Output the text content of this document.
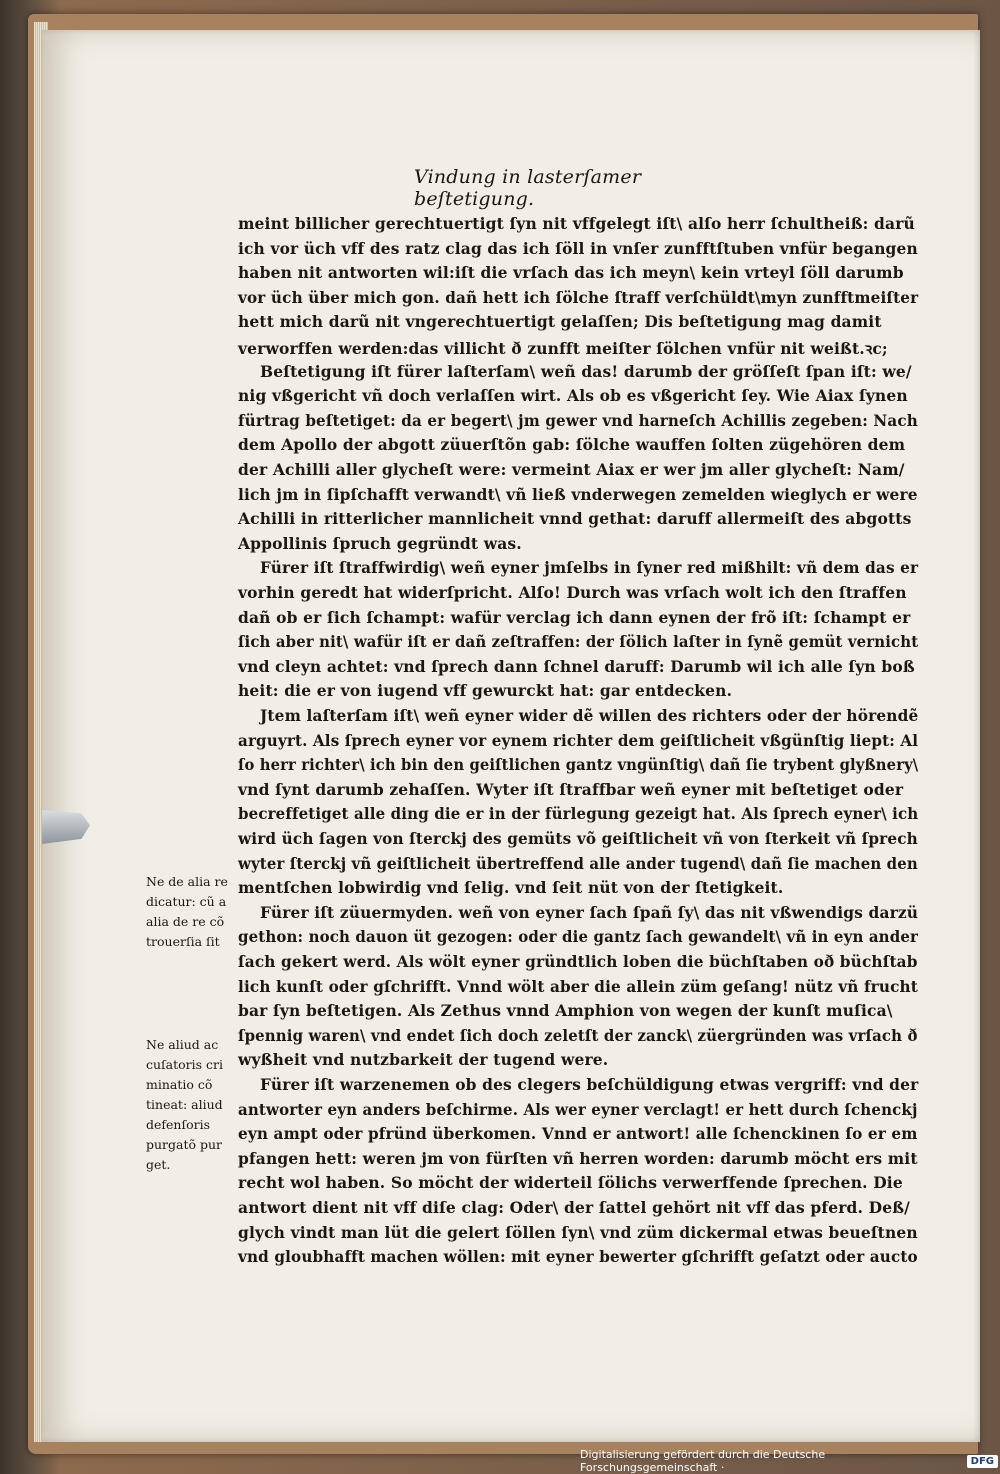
Vindung in lasterſamer beſtetigung.
meint billicher gerechtuertigt ſyn nit vffgelegt iſt\ alſo herr ſchultheiß: darũ
ich vor üch vff des ratz clag das ich ſöll in vnſer zunfftſtuben vnfür begangen
haben nit antworten wil:iſt die vrſach das ich meyn\ kein vrteyl ſöll darumb
vor üch über mich gon. dañ hett ich ſölche ſtraff verſchüldt\myn zunfftmeiſter
hett mich darũ nit vngerechtuertigt gelaſſen; Dis beſtetigung mag damit
verworffen werden:das villicht ð zunfft meiſter ſölchen vnfür nit weißt.ꝛc;
Beſtetigung iſt fürer laſterſam\ weñ das! darumb der gröſſeſt ſpan iſt: we/
nig vßgericht vñ doch verlaſſen wirt. Als ob es vßgericht ſey. Wie Aiax ſynen
fürtrag beſtetiget: da er begert\ jm gewer vnd harneſch Achillis zegeben: Nach
dem Apollo der abgott züuerſtõn gab: ſölche wauffen ſolten zügehören dem
der Achilli aller glycheſt were: vermeint Aiax er wer jm aller glycheſt: Nam/
lich jm in ſipſchafft verwandt\ vñ ließ vnderwegen zemelden wieglych er were
Achilli in ritterlicher mannlicheit vnnd gethat: daruff allermeiſt des abgotts
Appollinis ſpruch gegründt was.
Fürer iſt ſtraffwirdig\ weñ eyner jmſelbs in ſyner red mißhilt: vñ dem das er
vorhin geredt hat widerſpricht. Alſo! Durch was vrſach wolt ich den ſtraffen
dañ ob er ſich ſchampt: wafür verclag ich dann eynen der frõ iſt: ſchampt er
ſich aber nit\ wafür iſt er dañ zeſtraffen: der ſölich laſter in ſynẽ gemüt vernicht
vnd cleyn achtet: vnd ſprech dann ſchnel daruff: Darumb wil ich alle ſyn boß
heit: die er von iugend vff gewurckt hat: gar entdecken.
Jtem laſterſam iſt\ weñ eyner wider dẽ willen des richters oder der hörendẽ
arguyrt. Als ſprech eyner vor eynem richter dem geiſtlicheit vßgünſtig liept: Al
ſo herr richter\ ich bin den geiſtlichen gantz vngünſtig\ dañ ſie trybent glyßnery\
vnd ſynt darumb zehaſſen. Wyter iſt ſtraffbar weñ eyner mit beſtetiget oder
becreffetiget alle ding die er in der fürlegung gezeigt hat. Als ſprech eyner\ ich
wird üch ſagen von ſterckj des gemüts võ geiſtlicheit vñ von ſterkeit vñ ſprech
wyter ſterckj vñ geiſtlicheit übertreffend alle ander tugend\ dañ ſie machen den
mentſchen lobwirdig vnd ſelig. vnd ſeit nüt von der ſtetigkeit.
Fürer iſt züuermyden. weñ von eyner ſach ſpañ ſy\ das nit vßwendigs darzü
gethon: noch dauon üt gezogen: oder die gantz ſach gewandelt\ vñ in eyn ander
ſach gekert werd. Als wölt eyner gründtlich loben die büchſtaben oð büchſtab
lich kunſt oder gſchrifft. Vnnd wölt aber die allein züm geſang! nütz vñ frucht
bar ſyn beſtetigen. Als Zethus vnnd Amphion von wegen der kunſt muſica\
ſpennig waren\ vnd endet ſich doch zeletſt der zanck\ züergründen was vrſach ð
wyßheit vnd nutzbarkeit der tugend were.
Fürer iſt warzenemen ob des clegers beſchüldigung etwas vergriff: vnd der
antworter eyn anders beſchirme. Als wer eyner verclagt! er hett durch ſchenckj
eyn ampt oder pfründ überkomen. Vnnd er antwort! alle ſchenckinen ſo er em
pfangen hett: weren jm von fürſten vñ herren worden: darumb möcht ers mit
recht wol haben. So möcht der widerteil ſölichs verwerffende ſprechen. Die
antwort dient nit vff diſe clag: Oder\ der ſattel gehört nit vff das pferd. Deß/
glych vindt man lüt die gelert ſöllen ſyn\ vnd züm dickermal etwas beueſtnen
vnd gloubhafft machen wöllen: mit eyner bewerter gſchrifft geſatzt oder aucto
Ne de alia re
dicatur: cũ a
alia de re cõ
trouerſia ſit
Ne aliud ac
cuſatoris cri
minatio cõ
tineat: aliud
defenſoris
purgatõ pur
get.
Digitalisierung gefördert durch die Deutsche Forschungsgemeinschaft ·	DFG
